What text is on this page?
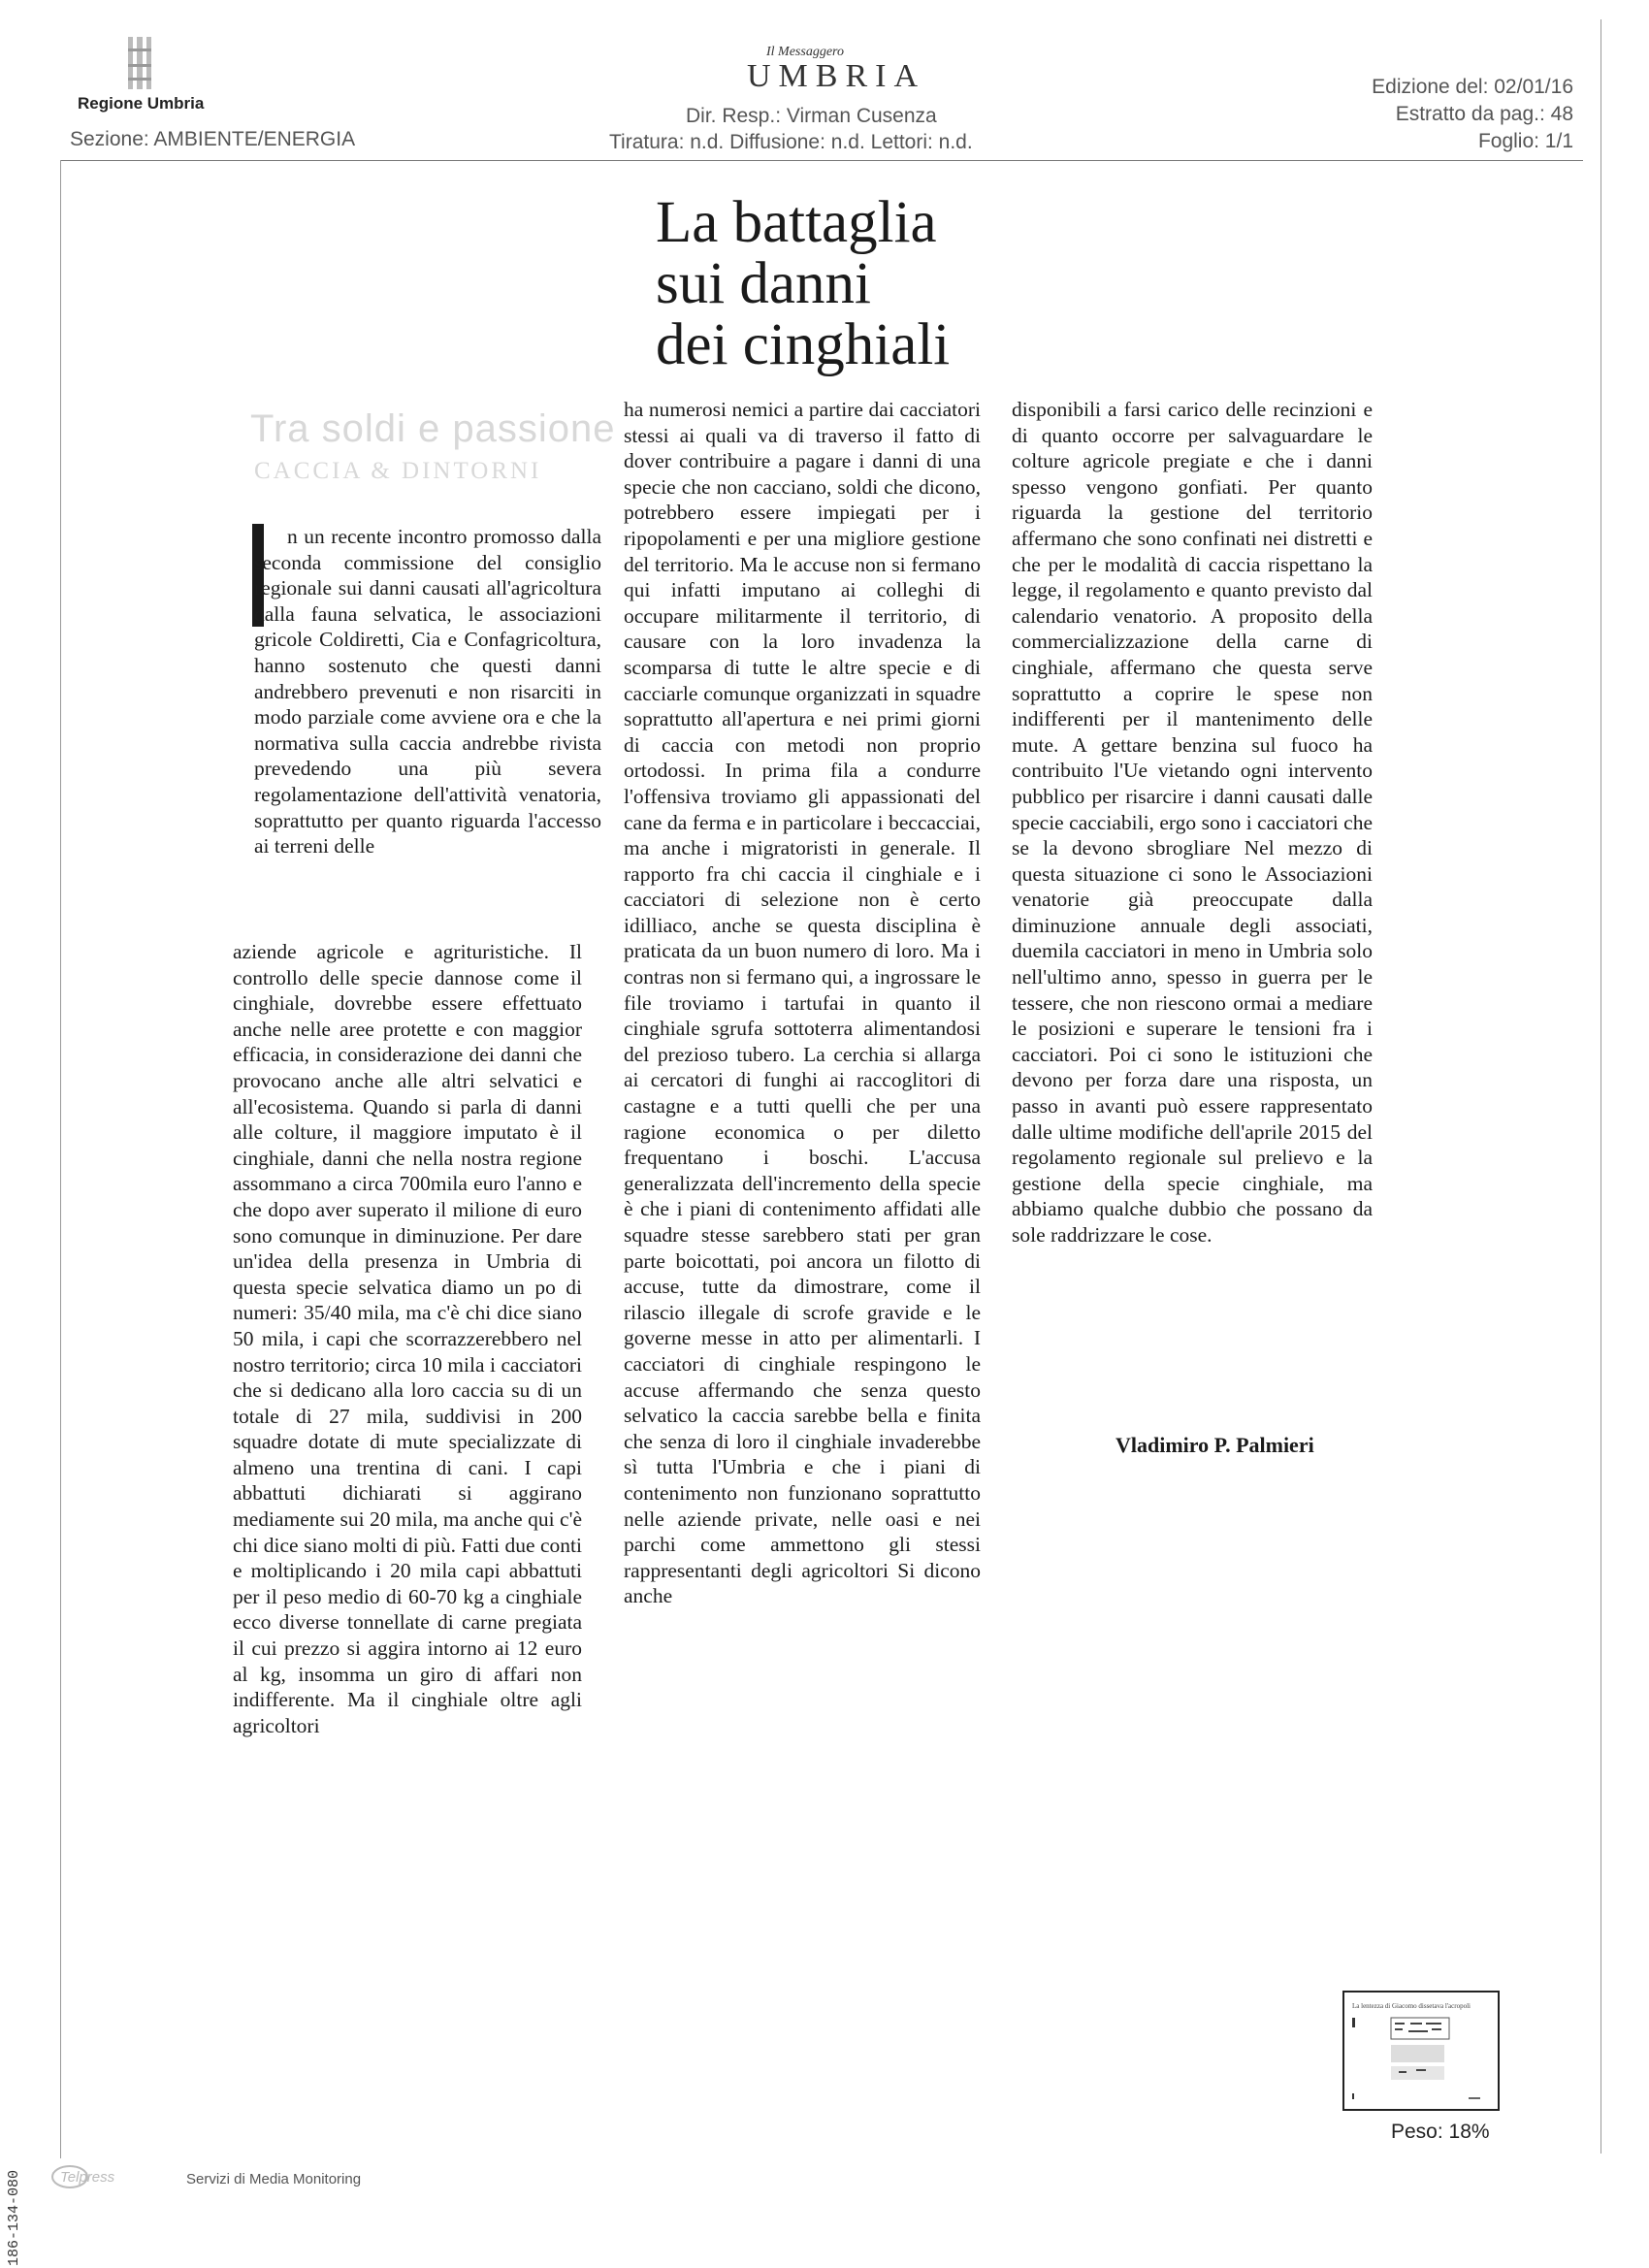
Regione Umbria
Sezione: AMBIENTE/ENERGIA
Il Messaggero
UMBRIA
Dir. Resp.: Virman Cusenza
Tiratura: n.d. Diffusione: n.d. Lettori: n.d.
Edizione del: 02/01/16
Estratto da pag.: 48
Foglio: 1/1
La battaglia
sui danni
dei cinghiali
Tra soldi e passione
CACCIA & DINTORNI

n un recente incontro promosso dalla seconda commissione del consiglio regionale sui danni causati all'agricoltura dalla fauna selvatica, le associazioni gricole Coldiretti, Cia e Confagricoltura, hanno sostenuto che questi danni andrebbero prevenuti e non risarciti in modo parziale come avviene ora e che la normativa sulla caccia andrebbe rivista prevedendo una più severa regolamentazione dell'attività venatoria, soprattutto per quanto riguarda l'accesso ai terreni delle

aziende agricole e agrituristiche. Il controllo delle specie dannose come il cinghiale, dovrebbe essere effettuato anche nelle aree protette e con maggior efficacia, in considerazione dei danni che provocano anche alle altri selvatici e all'ecosistema. Quando si parla di danni alle colture, il maggiore imputato è il cinghiale, danni che nella nostra regione assommano a circa 700mila euro l'anno e che dopo aver superato il milione di euro sono comunque in diminuzione. Per dare un'idea della presenza in Umbria di questa specie selvatica diamo un po di numeri: 35/40 mila, ma c'è chi dice siano 50 mila, i capi che scorrazzerebbero nel nostro territorio; circa 10 mila i cacciatori che si dedicano alla loro caccia su di un totale di 27 mila, suddivisi in 200 squadre dotate di mute specializzate di almeno una trentina di cani. I capi abbattuti dichiarati si aggirano mediamente sui 20 mila, ma anche qui c'è chi dice siano molti di più. Fatti due conti e moltiplicando i 20 mila capi abbattuti per il peso medio di 60-70 kg a cinghiale ecco diverse tonnellate di carne pregiata il cui prezzo si aggira intorno ai 12 euro al kg, insomma un giro di affari non indifferente. Ma il cinghiale oltre agli agricoltori

ha numerosi nemici a partire dai cacciatori stessi ai quali va di traverso il fatto di dover contribuire a pagare i danni di una specie che non cacciano, soldi che dicono, potrebbero essere impiegati per i ripopolamenti e per una migliore gestione del territorio. Ma le accuse non si fermano qui infatti imputano ai colleghi di occupare militarmente il territorio, di causare con la loro invadenza la scomparsa di tutte le altre specie e di cacciarle comunque organizzati in squadre soprattutto all'apertura e nei primi giorni di caccia con metodi non proprio ortodossi. In prima fila a condurre l'offensiva troviamo gli appassionati del cane da ferma e in particolare i beccacciai, ma anche i migratoristi in generale. Il rapporto fra chi caccia il cinghiale e i cacciatori di selezione non è certo idilliaco, anche se questa disciplina è praticata da un buon numero di loro. Ma i contras non si fermano qui, a ingrossare le file troviamo i tartufai in quanto il cinghiale sgrufa sottoterra alimentandosi del prezioso tubero. La cerchia si allarga ai cercatori di funghi ai raccoglitori di castagne e a tutti quelli che per una ragione economica o per diletto frequentano i boschi. L'accusa generalizzata dell'incremento della specie è che i piani di contenimento affidati alle squadre stesse sarebbero stati per gran parte boicottati, poi ancora un filotto di accuse, tutte da dimostrare, come il rilascio illegale di scrofe gravide e le governe messe in atto per alimentarli. I cacciatori di cinghiale respingono le accuse affermando che senza questo selvatico la caccia sarebbe bella e finita che senza di loro il cinghiale invaderebbe sì tutta l'Umbria e che i piani di contenimento non funzionano soprattutto nelle aziende private, nelle oasi e nei parchi come ammettono gli stessi rappresentanti degli agricoltori Si dicono anche

disponibili a farsi carico delle recinzioni e di quanto occorre per salvaguardare le colture agricole pregiate e che i danni spesso vengono gonfiati. Per quanto riguarda la gestione del territorio affermano che sono confinati nei distretti e che per le modalità di caccia rispettano la legge, il regolamento e quanto previsto dal calendario venatorio. A proposito della commercializzazione della carne di cinghiale, affermano che questa serve soprattutto a coprire le spese non indifferenti per il mantenimento delle mute. A gettare benzina sul fuoco ha contribuito l'Ue vietando ogni intervento pubblico per risarcire i danni causati dalle specie cacciabili, ergo sono i cacciatori che se la devono sbrogliare Nel mezzo di questa situazione ci sono le Associazioni venatorie già preoccupate dalla diminuzione annuale degli associati, duemila cacciatori in meno in Umbria solo nell'ultimo anno, spesso in guerra per le tessere, che non riescono ormai a mediare le posizioni e superare le tensioni fra i cacciatori. Poi ci sono le istituzioni che devono per forza dare una risposta, un passo in avanti può essere rappresentato dalle ultime modifiche dell'aprile 2015 del regolamento regionale sul prelievo e la gestione della specie cinghiale, ma abbiamo qualche dubbio che possano da sole raddrizzare le cose.

Vladimiro P. Palmieri
La lentezza di Giacomo dissetava l'acropoli
Peso: 18%
Telpress	Servizi di Media Monitoring
186-134-080
